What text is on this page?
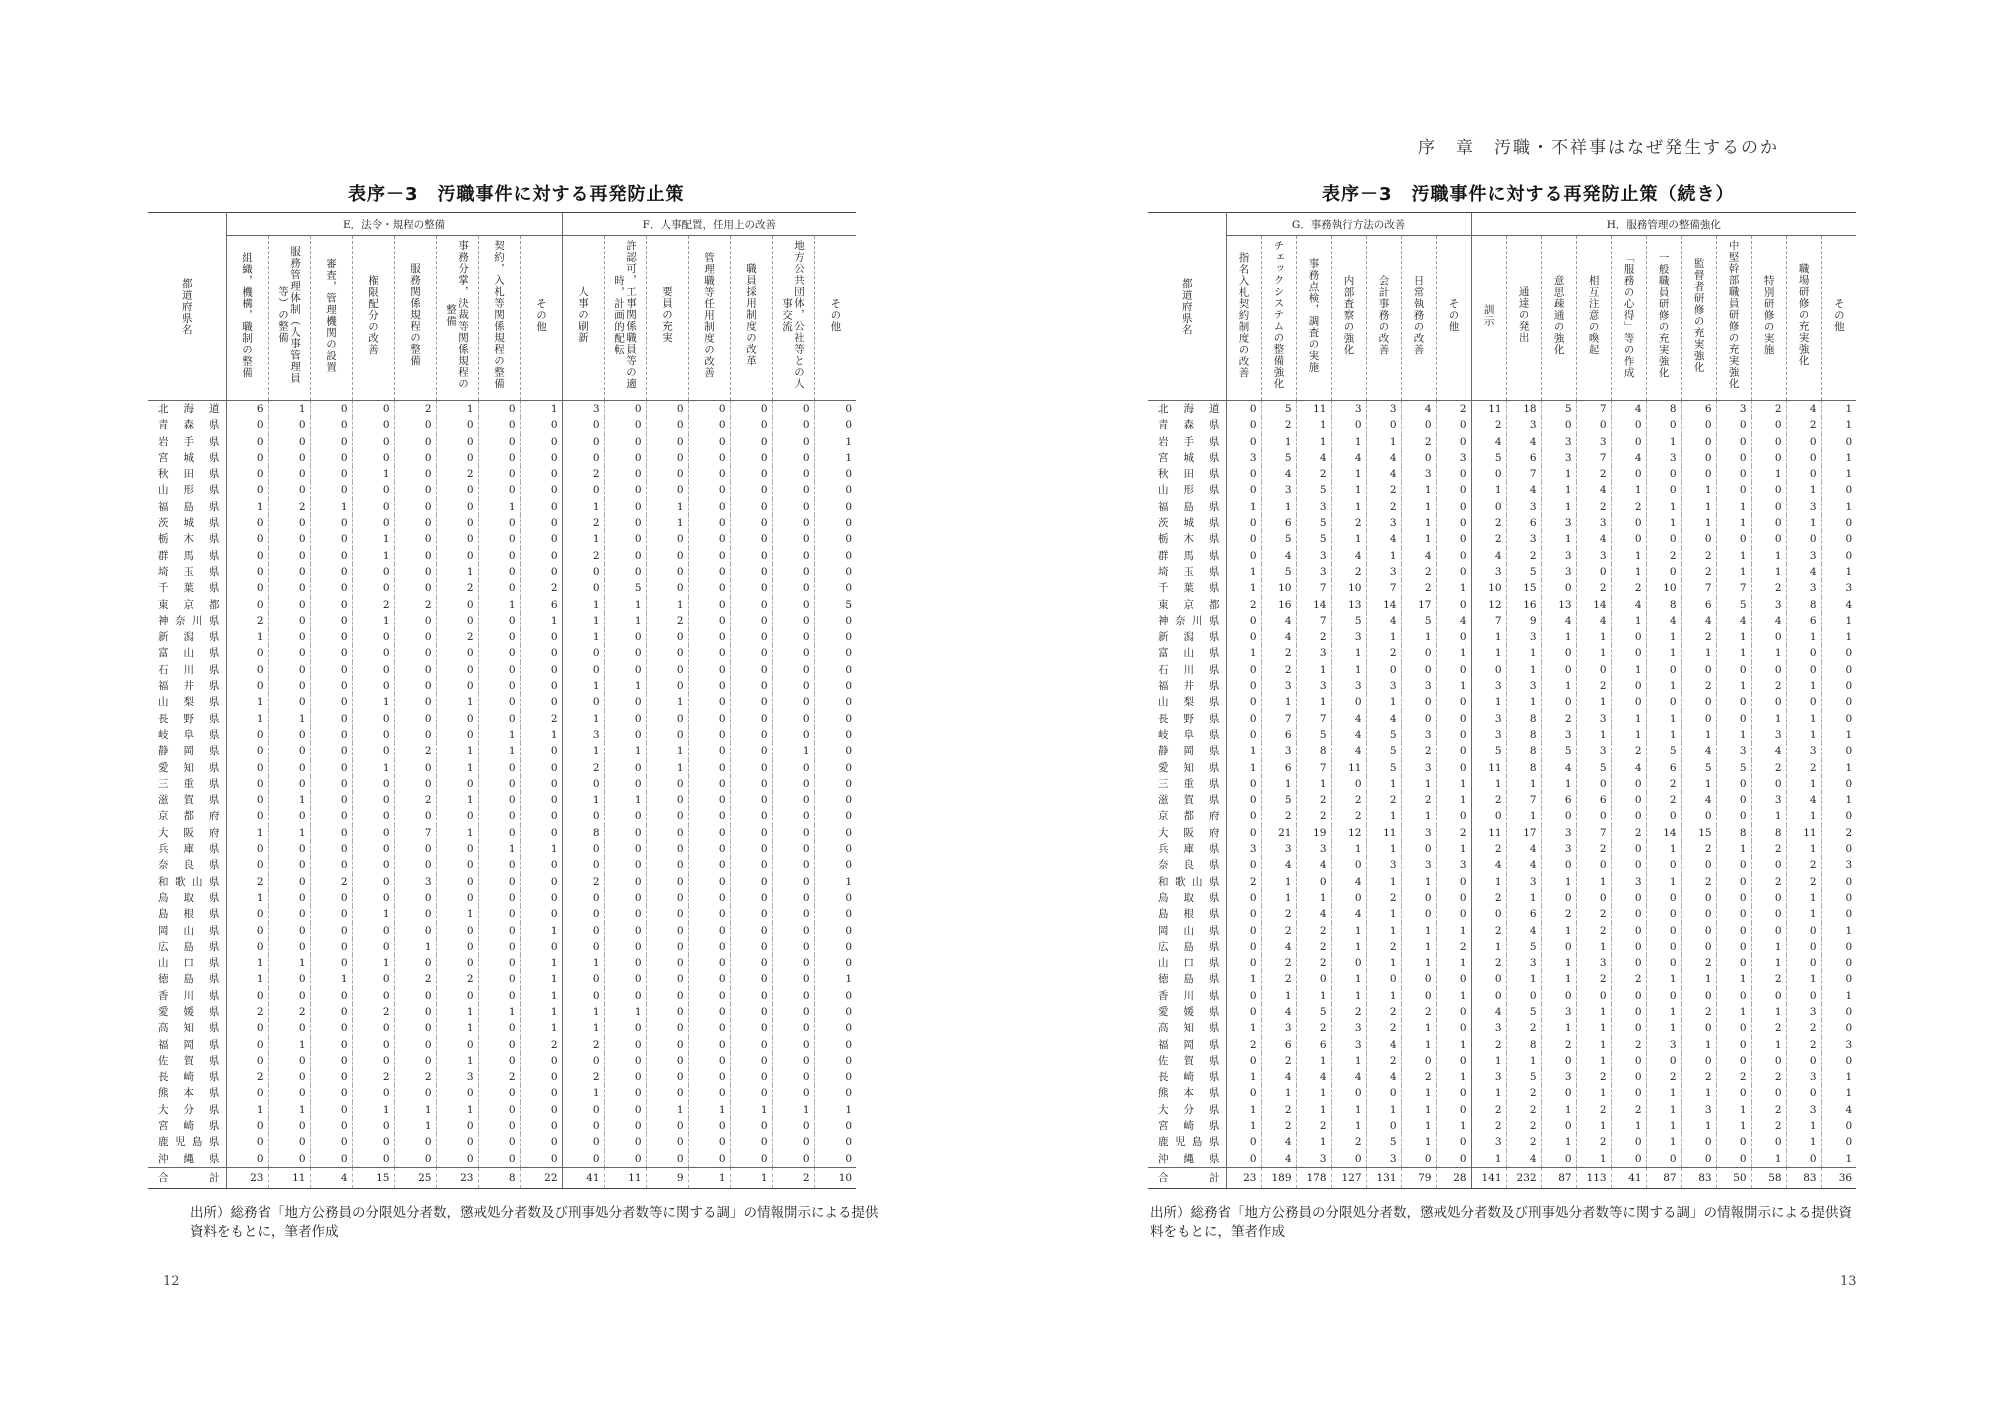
表序－3　汚職事件に対する再発防止策
都道府県名	E．法令・規程の整備								F．人事配置，任用上の改善						

	組織，機構，職制の整備	服務管理体制（人事管理員等）の整備	審査，管理機関の設置	権限配分の改善	服務関係規程の整備	事務分掌，決裁等関係規程の整備	契約，入札等関係規程の整備	その他	人事の刷新	許認可，工事関係職員等の適時，計画的配転	要員の充実	管理職等任用制度の改善	職員採用制度の改革	地方公共団体，公社等との人事交流	その他

北海道	6	1	0	0	2	1	0	1	3	0	0	0	0	0	0
青森県	0	0	0	0	0	0	0	0	0	0	0	0	0	0	0
岩手県	0	0	0	0	0	0	0	0	0	0	0	0	0	0	1
宮城県	0	0	0	0	0	0	0	0	0	0	0	0	0	0	1
秋田県	0	0	0	1	0	2	0	0	2	0	0	0	0	0	0
山形県	0	0	0	0	0	0	0	0	0	0	0	0	0	0	0
福島県	1	2	1	0	0	0	1	0	1	0	1	0	0	0	0
茨城県	0	0	0	0	0	0	0	0	2	0	1	0	0	0	0
栃木県	0	0	0	1	0	0	0	0	1	0	0	0	0	0	0
群馬県	0	0	0	1	0	0	0	0	2	0	0	0	0	0	0
埼玉県	0	0	0	0	0	1	0	0	0	0	0	0	0	0	0
千葉県	0	0	0	0	0	2	0	2	0	5	0	0	0	0	0
東京都	0	0	0	2	2	0	1	6	1	1	1	0	0	0	5
神奈川県	2	0	0	1	0	0	0	1	1	1	2	0	0	0	0
新潟県	1	0	0	0	0	2	0	0	1	0	0	0	0	0	0
富山県	0	0	0	0	0	0	0	0	0	0	0	0	0	0	0
石川県	0	0	0	0	0	0	0	0	0	0	0	0	0	0	0
福井県	0	0	0	0	0	0	0	0	1	1	0	0	0	0	0
山梨県	1	0	0	1	0	1	0	0	0	0	1	0	0	0	0
長野県	1	1	0	0	0	0	0	2	1	0	0	0	0	0	0
岐阜県	0	0	0	0	0	0	1	1	3	0	0	0	0	0	0
静岡県	0	0	0	0	2	1	1	0	1	1	1	0	0	1	0
愛知県	0	0	0	1	0	1	0	0	2	0	1	0	0	0	0
三重県	0	0	0	0	0	0	0	0	0	0	0	0	0	0	0
滋賀県	0	1	0	0	2	1	0	0	1	1	0	0	0	0	0
京都府	0	0	0	0	0	0	0	0	0	0	0	0	0	0	0
大阪府	1	1	0	0	7	1	0	0	8	0	0	0	0	0	0
兵庫県	0	0	0	0	0	0	1	1	0	0	0	0	0	0	0
奈良県	0	0	0	0	0	0	0	0	0	0	0	0	0	0	0
和歌山県	2	0	2	0	3	0	0	0	2	0	0	0	0	0	1
鳥取県	1	0	0	0	0	0	0	0	0	0	0	0	0	0	0
島根県	0	0	0	1	0	1	0	0	0	0	0	0	0	0	0
岡山県	0	0	0	0	0	0	0	1	0	0	0	0	0	0	0
広島県	0	0	0	0	1	0	0	0	0	0	0	0	0	0	0
山口県	1	1	0	1	0	0	0	1	1	0	0	0	0	0	0
徳島県	1	0	1	0	2	2	0	1	0	0	0	0	0	0	1
香川県	0	0	0	0	0	0	0	1	0	0	0	0	0	0	0
愛媛県	2	2	0	2	0	1	1	1	1	1	0	0	0	0	0
高知県	0	0	0	0	0	1	0	1	1	0	0	0	0	0	0
福岡県	0	1	0	0	0	0	0	2	2	0	0	0	0	0	0
佐賀県	0	0	0	0	0	1	0	0	0	0	0	0	0	0	0
長崎県	2	0	0	2	2	3	2	0	2	0	0	0	0	0	0
熊本県	0	0	0	0	0	0	0	0	1	0	0	0	0	0	0
大分県	1	1	0	1	1	1	0	0	0	0	1	1	1	1	1
宮崎県	0	0	0	0	1	0	0	0	0	0	0	0	0	0	0
鹿児島県	0	0	0	0	0	0	0	0	0	0	0	0	0	0	0
沖縄県	0	0	0	0	0	0	0	0	0	0	0	0	0	0	0
合計	23	11	4	15	25	23	8	22	41	11	9	1	1	2	10
出所）総務省「地方公務員の分限処分者数，懲戒処分者数及び刑事処分者数等に関する調」の情報開示による提供資料をもとに，筆者作成
12
序　章　汚職・不祥事はなぜ発生するのか
表序－3　汚職事件に対する再発防止策（続き）
都道府県名	G．事務執行方法の改善							H．服務管理の整備強化										

	指名入札契約制度の改善	チェックシステムの整備強化	事務点検，調査の実施	内部査察の強化	会計事務の改善	日常執務の改善	その他	訓示	通達の発出	意思疎通の強化	相互注意の喚起	「服務の心得」等の作成	一般職員研修の充実強化	監督者研修の充実強化	中堅幹部職員研修の充実強化	特別研修の実施	職場研修の充実強化	その他

北海道	0	5	11	3	3	4	2	11	18	5	7	4	8	6	3	2	4	1
青森県	0	2	1	0	0	0	0	2	3	0	0	0	0	0	0	0	2	1
岩手県	0	1	1	1	1	2	0	4	4	3	3	0	1	0	0	0	0	0
宮城県	3	5	4	4	4	0	3	5	6	3	7	4	3	0	0	0	0	1
秋田県	0	4	2	1	4	3	0	0	7	1	2	0	0	0	0	1	0	1
山形県	0	3	5	1	2	1	0	1	4	1	4	1	0	1	0	0	1	0
福島県	1	1	3	1	2	1	0	0	3	1	2	2	1	1	1	0	3	1
茨城県	0	6	5	2	3	1	0	2	6	3	3	0	1	1	1	0	1	0
栃木県	0	5	5	1	4	1	0	2	3	1	4	0	0	0	0	0	0	0
群馬県	0	4	3	4	1	4	0	4	2	3	3	1	2	2	1	1	3	0
埼玉県	1	5	3	2	3	2	0	3	5	3	0	1	0	2	1	1	4	1
千葉県	1	10	7	10	7	2	1	10	15	0	2	2	10	7	7	2	3	3
東京都	2	16	14	13	14	17	0	12	16	13	14	4	8	6	5	3	8	4
神奈川県	0	4	7	5	4	5	4	7	9	4	4	1	4	4	4	4	6	1
新潟県	0	4	2	3	1	1	0	1	3	1	1	0	1	2	1	0	1	1
富山県	1	2	3	1	2	0	1	1	1	0	1	0	1	1	1	1	0	0
石川県	0	2	1	1	0	0	0	0	1	0	0	1	0	0	0	0	0	0
福井県	0	3	3	3	3	3	1	3	3	1	2	0	1	2	1	2	1	0
山梨県	0	1	1	0	1	0	0	1	1	0	1	0	0	0	0	0	0	0
長野県	0	7	7	4	4	0	0	3	8	2	3	1	1	0	0	1	1	0
岐阜県	0	6	5	4	5	3	0	3	8	3	1	1	1	1	1	3	1	1
静岡県	1	3	8	4	5	2	0	5	8	5	3	2	5	4	3	4	3	0
愛知県	1	6	7	11	5	3	0	11	8	4	5	4	6	5	5	2	2	1
三重県	0	1	1	0	1	1	1	1	1	1	0	0	2	1	0	0	1	0
滋賀県	0	5	2	2	2	2	1	2	7	6	6	0	2	4	0	3	4	1
京都府	0	2	2	2	1	1	0	0	1	0	0	0	0	0	0	1	1	0
大阪府	0	21	19	12	11	3	2	11	17	3	7	2	14	15	8	8	11	2
兵庫県	3	3	3	1	1	0	1	2	4	3	2	0	1	2	1	2	1	0
奈良県	0	4	4	0	3	3	3	4	4	0	0	0	0	0	0	0	2	3
和歌山県	2	1	0	4	1	1	0	1	3	1	1	3	1	2	0	2	2	0
鳥取県	0	1	1	0	2	0	0	2	1	0	0	0	0	0	0	0	1	0
島根県	0	2	4	4	1	0	0	0	6	2	2	0	0	0	0	0	1	0
岡山県	0	2	2	1	1	1	1	2	4	1	2	0	0	0	0	0	0	1
広島県	0	4	2	1	2	1	2	1	5	0	1	0	0	0	0	1	0	0
山口県	0	2	2	0	1	1	1	2	3	1	3	0	0	2	0	1	0	0
徳島県	1	2	0	1	0	0	0	0	1	1	2	2	1	1	1	2	1	0
香川県	0	1	1	1	1	0	1	0	0	0	0	0	0	0	0	0	0	1
愛媛県	0	4	5	2	2	2	0	4	5	3	1	0	1	2	1	1	3	0
高知県	1	3	2	3	2	1	0	3	2	1	1	0	1	0	0	2	2	0
福岡県	2	6	6	3	4	1	1	2	8	2	1	2	3	1	0	1	2	3
佐賀県	0	2	1	1	2	0	0	1	1	0	1	0	0	0	0	0	0	0
長崎県	1	4	4	4	4	2	1	3	5	3	2	0	2	2	2	2	3	1
熊本県	0	1	1	0	0	1	0	1	2	0	1	0	1	1	0	0	0	1
大分県	1	2	1	1	1	1	0	2	2	1	2	2	1	3	1	2	3	4
宮崎県	1	2	2	1	0	1	1	2	2	0	1	1	1	1	1	2	1	0
鹿児島県	0	4	1	2	5	1	0	3	2	1	2	0	1	0	0	0	1	0
沖縄県	0	4	3	0	3	0	0	1	4	0	1	0	0	0	0	1	0	1
合計	23	189	178	127	131	79	28	141	232	87	113	41	87	83	50	58	83	36
出所）総務省「地方公務員の分限処分者数，懲戒処分者数及び刑事処分者数等に関する調」の情報開示による提供資料をもとに，筆者作成
13
